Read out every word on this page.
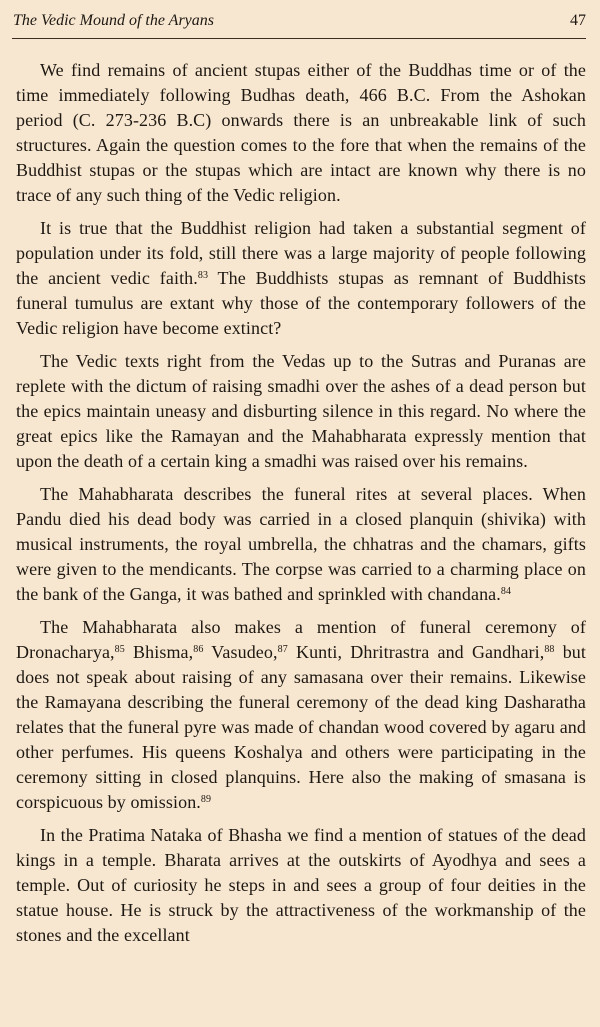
The Vedic Mound of the Aryans	47

We find remains of ancient stupas either of the Buddhas time or of the time immediately following Budhas death, 466 B.C. From the Ashokan period (C. 273-236 B.C) onwards there is an unbreakable link of such structures. Again the question comes to the fore that when the remains of the Buddhist stupas or the stupas which are intact are known why there is no trace of any such thing of the Vedic religion.

It is true that the Buddhist religion had taken a substantial segment of population under its fold, still there was a large majority of people following the ancient vedic faith.$^{83}$ The Buddhists stupas as remnant of Buddhists funeral tumulus are extant why those of the contemporary followers of the Vedic religion have become extinct?

The Vedic texts right from the Vedas up to the Sutras and Puranas are replete with the dictum of raising smadhi over the ashes of a dead person but the epics maintain uneasy and disburting silence in this regard. No where the great epics like the Ramayan and the Mahabharata expressly mention that upon the death of a certain king a smadhi was raised over his remains.

The Mahabharata describes the funeral rites at several places. When Pandu died his dead body was carried in a closed planquin (shivika) with musical instruments, the royal umbrella, the chhatras and the chamars, gifts were given to the mendicants. The corpse was carried to a charming place on the bank of the Ganga, it was bathed and sprinkled with chandana.$^{84}$

The Mahabharata also makes a mention of funeral ceremony of Dronacharya,$^{85}$ Bhisma,$^{86}$ Vasudeo,$^{87}$ Kunti, Dhritrastra and Gandhari,$^{88}$ but does not speak about raising of any samasana over their remains. Likewise the Ramayana describing the funeral ceremony of the dead king Dasharatha relates that the funeral pyre was made of chandan wood covered by agaru and other perfumes. His queens Koshalya and others were participating in the ceremony sitting in closed planquins. Here also the making of smasana is corspicuous by omission.$^{89}$

In the Pratima Nataka of Bhasha we find a mention of statues of the dead kings in a temple. Bharata arrives at the outskirts of Ayodhya and sees a temple. Out of curiosity he steps in and sees a group of four deities in the statue house. He is struck by the attractiveness of the workmanship of the stones and the excellant
